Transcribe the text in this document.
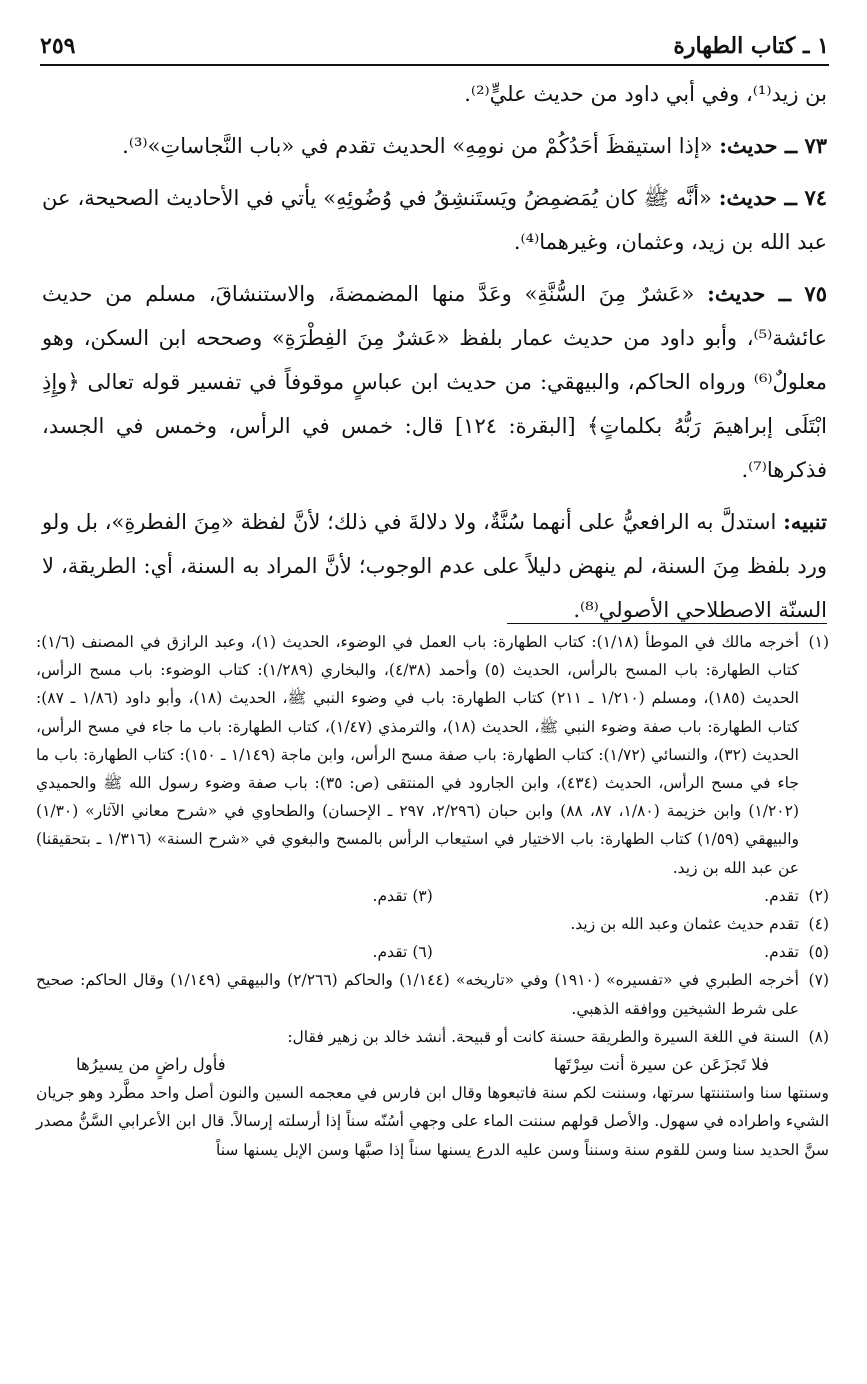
١ ـ كتاب الطهارة
٢٥٩

بن زيد⁽¹⁾، وفي أبي داود من حديث عليٍّ⁽²⁾.

٧٣ ــ حديث: «إذا استيقظَ أحَدُكُمْ من نومِهِ» الحديث تقدم في «باب النَّجاساتِ»⁽³⁾.

٧٤ ــ حديث: «أنَّه ﷺ كان يُمَضمِضُ ويَستَنشِقُ في وُضُوئِهِ» يأتي في الأحاديث الصحيحة، عن عبد الله بن زيد، وعثمان، وغيرهما⁽⁴⁾.

٧٥ ــ حديث: «عَشرٌ مِنَ السُّنَّةِ» وعَدَّ منها المضمضةَ، والاستنشاقَ، مسلم من حديث عائشة⁽⁵⁾، وأبو داود من حديث عمار بلفظ «عَشرٌ مِنَ الفِطْرَةِ» وصححه ابن السكن، وهو معلولٌ⁽⁶⁾ ورواه الحاكم، والبيهقي: من حديث ابن عباسٍ موقوفاً في تفسير قوله تعالى ﴿وإِذِ ابْتَلَى إبراهيمَ رَبُّهُ بكلماتٍ﴾ [البقرة: ١٢٤] قال: خمس في الرأس، وخمس في الجسد، فذكرها⁽⁷⁾.

تنبيه: استدلَّ به الرافعيُّ على أنهما سُنَّةٌ، ولا دلالةَ في ذلك؛ لأنَّ لفظة «مِنَ الفطرةِ»، بل ولو ورد بلفظ مِنَ السنة، لم ينهض دليلاً على عدم الوجوب؛ لأنَّ المراد به السنة، أي: الطريقة، لا السنّة الاصطلاحي الأصولي⁽⁸⁾.

(١)
أخرجه مالك في الموطأ (١/١٨): كتاب الطهارة: باب العمل في الوضوء، الحديث (١)، وعبد الرازق في المصنف (١/٦): كتاب الطهارة: باب المسح بالرأس، الحديث (٥) وأحمد (٤/٣٨)، والبخاري (١/٢٨٩): كتاب الوضوء: باب مسح الرأس، الحديث (١٨٥)، ومسلم (١/٢١٠ ـ ٢١١) كتاب الطهارة: باب في وضوء النبي ﷺ، الحديث (١٨)، وأبو داود (١/٨٦ ـ ٨٧): كتاب الطهارة: باب صفة وضوء النبي ﷺ، الحديث (١٨)، والترمذي (١/٤٧)، كتاب الطهارة: باب ما جاء في مسح الرأس، الحديث (٣٢)، والنسائي (١/٧٢): كتاب الطهارة: باب صفة مسح الرأس، وابن ماجة (١/١٤٩ ـ ١٥٠): كتاب الطهارة: باب ما جاء في مسح الرأس، الحديث (٤٣٤)، وابن الجارود في المنتقى (ص: ٣٥): باب صفة وضوء رسول الله ﷺ والحميدي (١/٢٠٢) وابن خزيمة (١/٨٠، ٨٧، ٨٨) وابن حبان (٢/٢٩٦، ٢٩٧ ـ الإحسان) والطحاوي في «شرح معاني الآثار» (١/٣٠) والبيهقي (١/٥٩) كتاب الطهارة: باب الاختيار في استيعاب الرأس بالمسح والبغوي في «شرح السنة» (١/٣١٦ ـ بتحقيقنا) عن عبد الله بن زيد.
(٢)
تقدم.(٣) تقدم.
(٤)
تقدم حديث عثمان وعبد الله بن زيد.
(٥)
تقدم.(٦) تقدم.
(٧)
أخرجه الطبري في «تفسيره» (١٩١٠) وفي «تاريخه» (١/١٤٤) والحاكم (٢/٢٦٦) والبيهقي (١/١٤٩) وقال الحاكم: صحيح على شرط الشيخين ووافقه الذهبي.
(٨)
السنة في اللغة السيرة والطريقة حسنة كانت أو قبيحة. أنشد خالد بن زهير فقال:
فلا تَجزَعَن عن سيرة أنت سِرْتَها
فأول راضٍ من يسيرُها
وسنتها سنا واستننتها سرتها، وسننت لكم سنة فاتبعوها وقال ابن فارس في معجمه السين والنون أصل واحد مطَّرد وهو جريان الشيء واطراده في سهول. والأصل قولهم سننت الماء على وجهي أسُنّه سناً إذا أرسلته إرسالاً. قال ابن الأعرابي السَّنُّ مصدر سنَّ الحديد سنا وسن للقوم سنة وسنناً وسن عليه الدرع يسنها سناً إذا صبَّها وسن الإبل يسنها سناً
